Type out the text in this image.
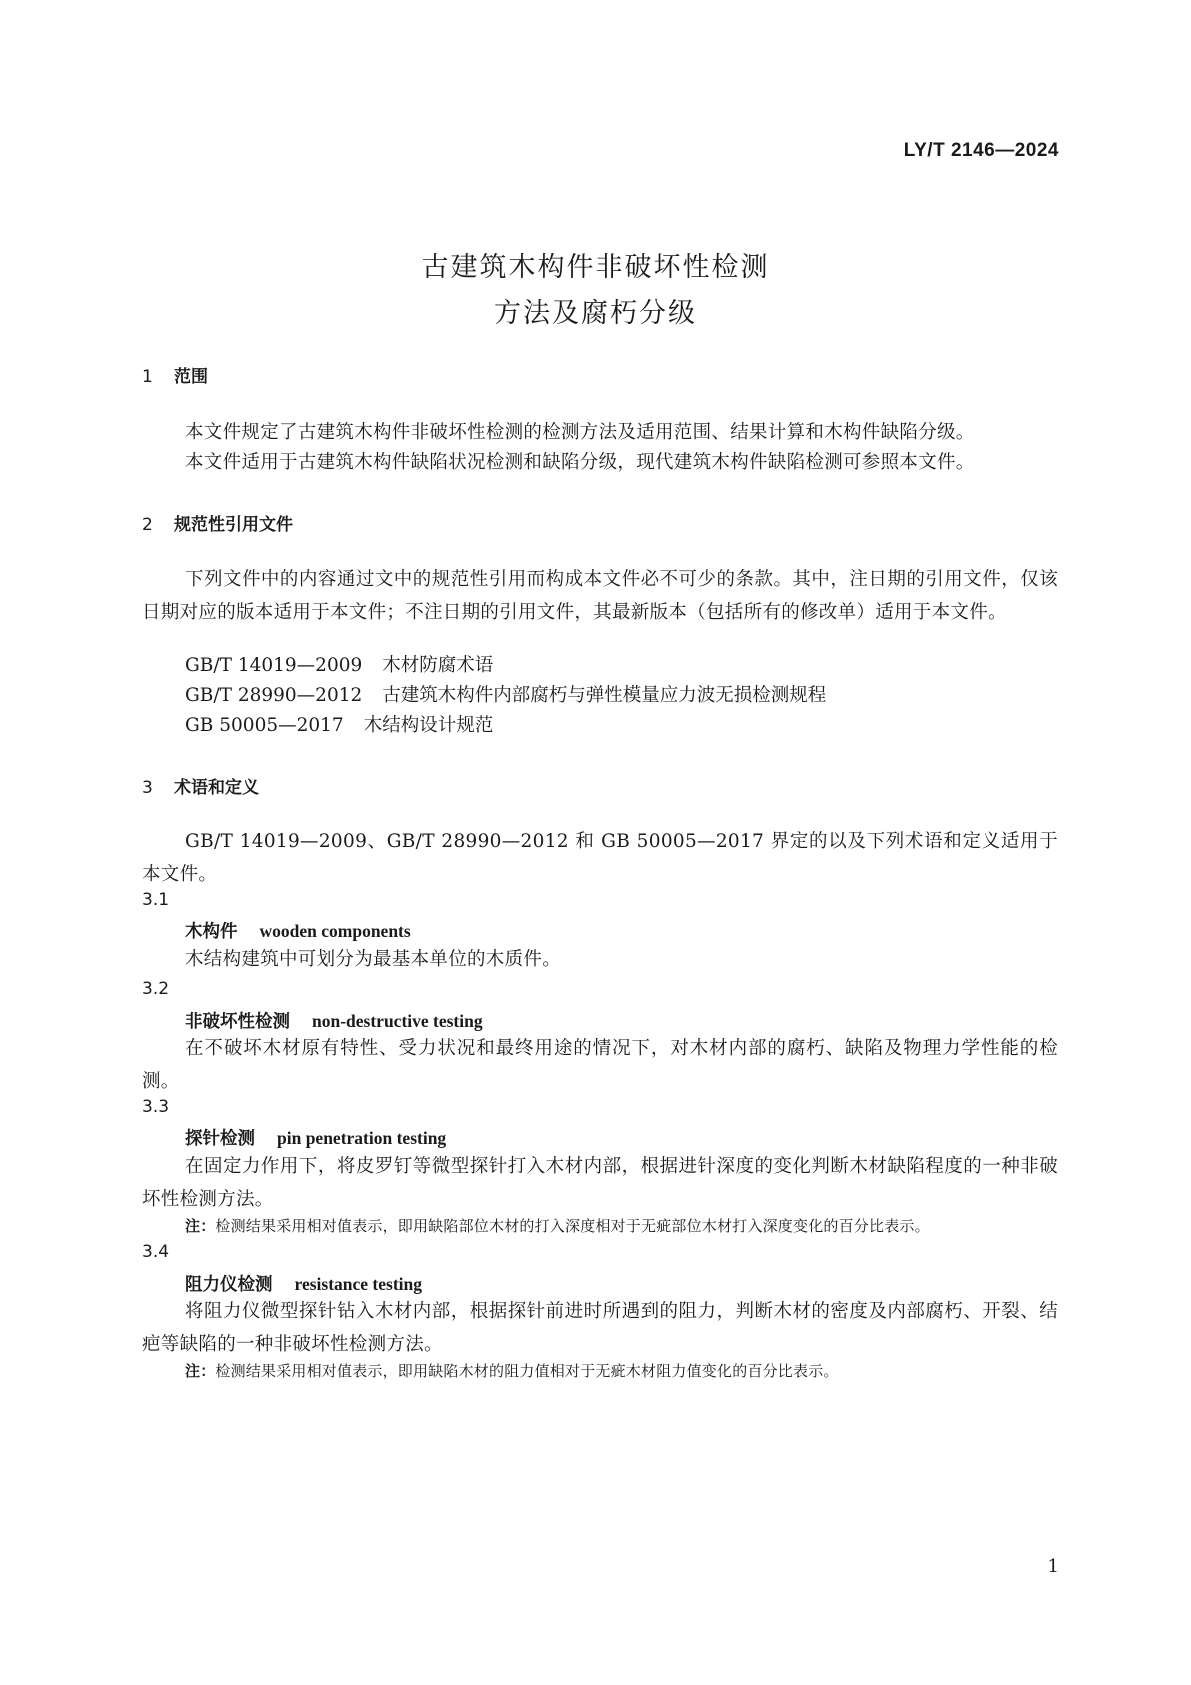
LY/T 2146—2024
古建筑木构件非破坏性检测
方法及腐朽分级
1 范围
本文件规定了古建筑木构件非破坏性检测的检测方法及适用范围、结果计算和木构件缺陷分级。
本文件适用于古建筑木构件缺陷状况检测和缺陷分级，现代建筑木构件缺陷检测可参照本文件。
2 规范性引用文件
下列文件中的内容通过文中的规范性引用而构成本文件必不可少的条款。其中，注日期的引用文件，仅该日期对应的版本适用于本文件；不注日期的引用文件，其最新版本（包括所有的修改单）适用于本文件。
GB/T 14019—2009 木材防腐术语
GB/T 28990—2012 古建筑木构件内部腐朽与弹性模量应力波无损检测规程
GB 50005—2017 木结构设计规范
3 术语和定义
GB/T 14019—2009、GB/T 28990—2012 和 GB 50005—2017 界定的以及下列术语和定义适用于本文件。
3.1
木构件 wooden components
木结构建筑中可划分为最基本单位的木质件。
3.2
非破坏性检测 non-destructive testing
在不破坏木材原有特性、受力状况和最终用途的情况下，对木材内部的腐朽、缺陷及物理力学性能的检测。
3.3
探针检测 pin penetration testing
在固定力作用下，将皮罗钉等微型探针打入木材内部，根据进针深度的变化判断木材缺陷程度的一种非破坏性检测方法。
注：检测结果采用相对值表示，即用缺陷部位木材的打入深度相对于无疵部位木材打入深度变化的百分比表示。
3.4
阻力仪检测 resistance testing
将阻力仪微型探针钻入木材内部，根据探针前进时所遇到的阻力，判断木材的密度及内部腐朽、开裂、结疤等缺陷的一种非破坏性检测方法。
注：检测结果采用相对值表示，即用缺陷木材的阻力值相对于无疵木材阻力值变化的百分比表示。
1
